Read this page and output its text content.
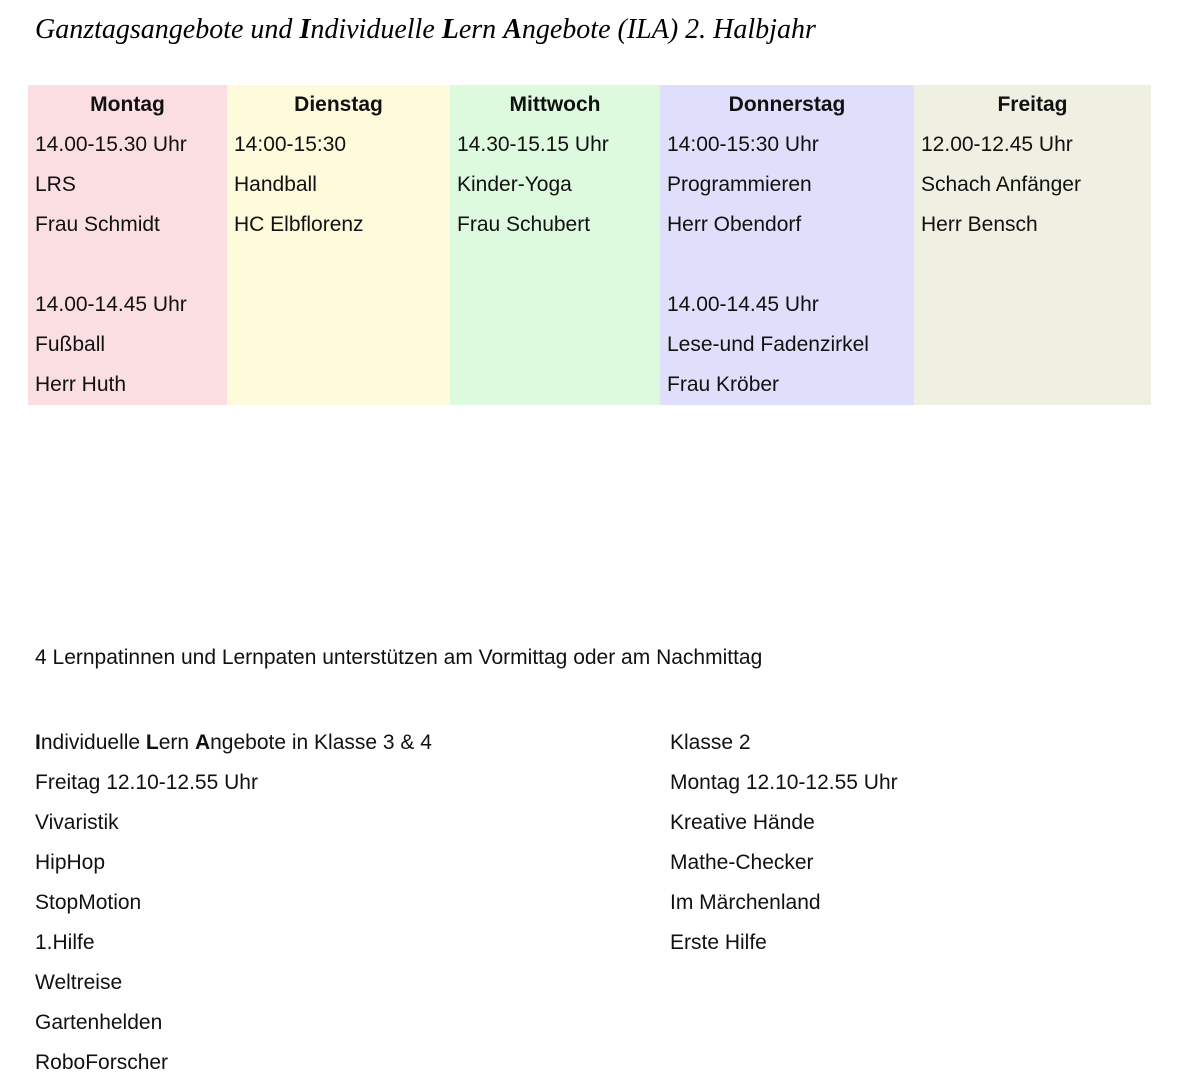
Ganztagsangebote und Individuelle Lern Angebote (ILA) 2. Halbjahr
Montag
14.00-15.30 Uhr
LRS
Frau Schmidt
14.00-14.45 Uhr
Fußball
Herr Huth
Dienstag
14:00-15:30
Handball
HC Elbflorenz
Mittwoch
14.30-15.15 Uhr
Kinder-Yoga
Frau Schubert
Donnerstag
14:00-15:30 Uhr
Programmieren
Herr Obendorf
14.00-14.45 Uhr
Lese-und Fadenzirkel
Frau Kröber
Freitag
12.00-12.45 Uhr
Schach Anfänger
Herr Bensch
4 Lernpatinnen und Lernpaten unterstützen am Vormittag oder am Nachmittag
Individuelle Lern Angebote in Klasse 3 & 4
Freitag 12.10-12.55 Uhr
Vivaristik
HipHop
StopMotion
1.Hilfe
Weltreise
Gartenhelden
RoboForscher
Klasse 2
Montag 12.10-12.55 Uhr
Kreative Hände
Mathe-Checker
Im Märchenland
Erste Hilfe
